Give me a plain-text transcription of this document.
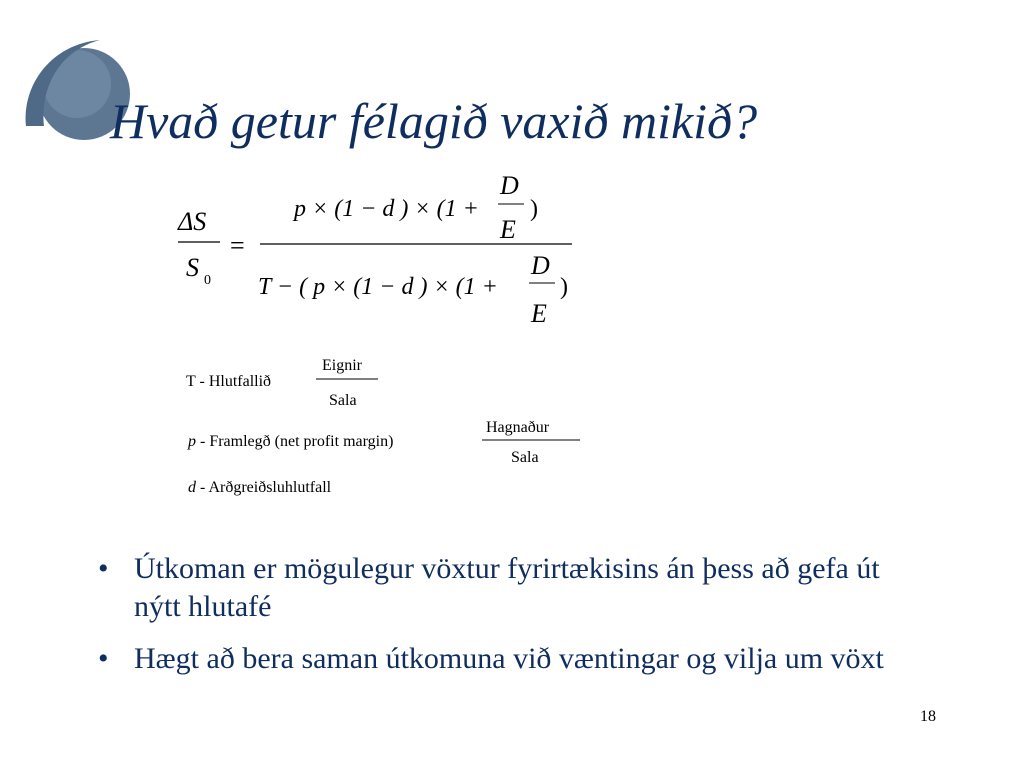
Hvað getur félagið vaxið mikið?
ΔS
S 0
=
p × (1 − d ) × (1 +
D
E
)
T − ( p × (1 − d ) × (1 +
D
E
)
T - Hlutfallið
Eignir
Sala
p - Framlegð (net profit margin)
Hagnaður
Sala
d - Arðgreiðsluhlutfall
• Útkoman er mögulegur vöxtur fyrirtækisins án þess að gefa út nýtt hlutafé
• Hægt að bera saman útkomuna við væntingar og vilja um vöxt
18
